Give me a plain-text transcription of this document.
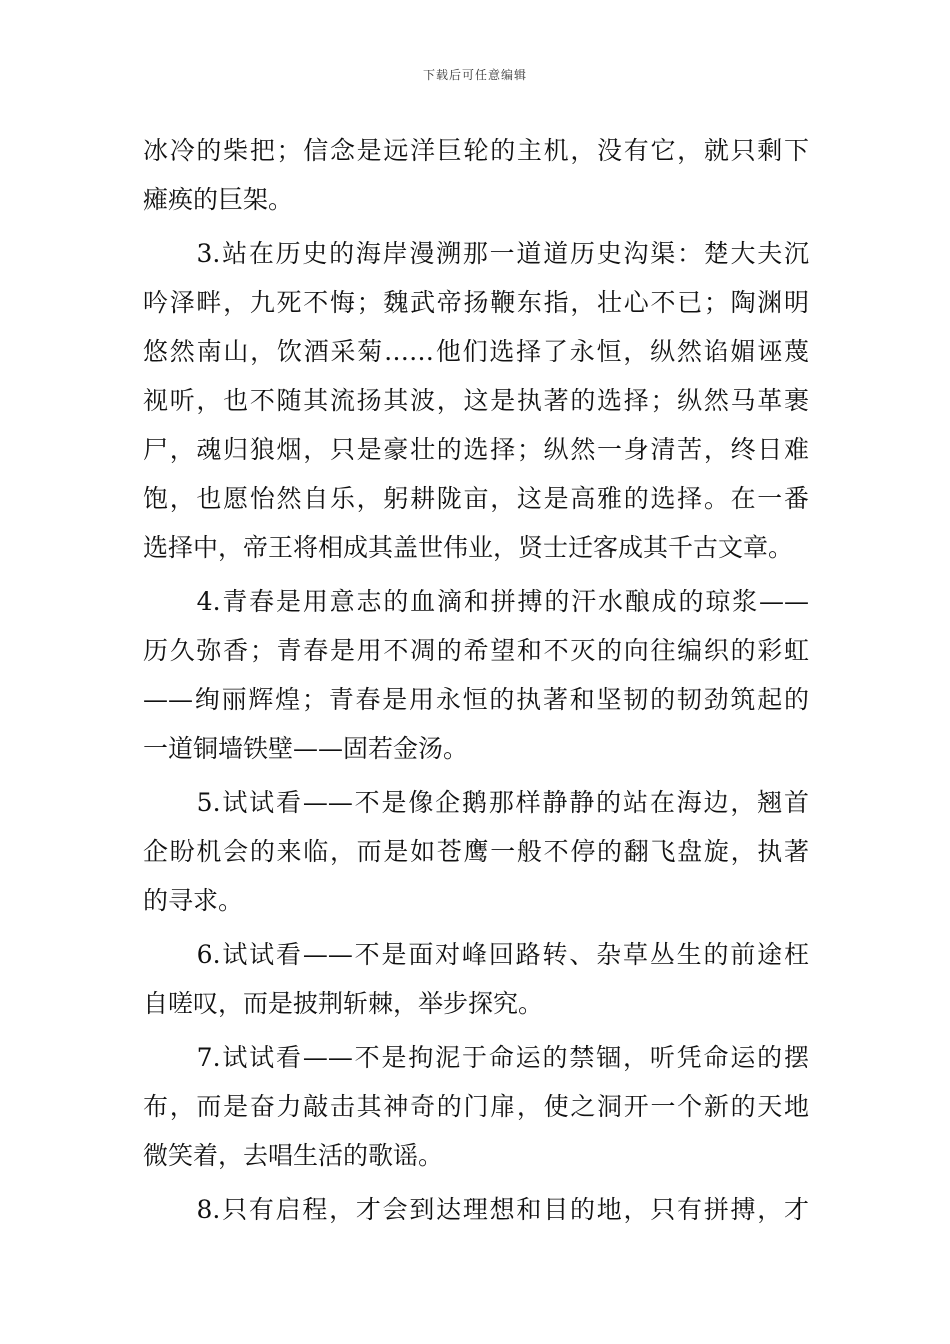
下载后可任意编辑
冰冷的柴把；信念是远洋巨轮的主机，没有它，就只剩下
瘫痪的巨架。
　　3.站在历史的海岸漫溯那一道道历史沟渠：楚大夫沉
吟泽畔，九死不悔；魏武帝扬鞭东指，壮心不已；陶渊明
悠然南山，饮酒采菊……他们选择了永恒，纵然谄媚诬蔑
视听，也不随其流扬其波，这是执著的选择；纵然马革裹
尸，魂归狼烟，只是豪壮的选择；纵然一身清苦，终日难
饱，也愿怡然自乐，躬耕陇亩，这是高雅的选择。在一番
选择中，帝王将相成其盖世伟业，贤士迁客成其千古文章。
　　4.青春是用意志的血滴和拼搏的汗水酿成的琼浆——
历久弥香；青春是用不凋的希望和不灭的向往编织的彩虹
——绚丽辉煌；青春是用永恒的执著和坚韧的韧劲筑起的
一道铜墙铁壁——固若金汤。
　　5.试试看——不是像企鹅那样静静的站在海边，翘首
企盼机会的来临，而是如苍鹰一般不停的翻飞盘旋，执著
的寻求。
　　6.试试看——不是面对峰回路转、杂草丛生的前途枉
自嗟叹，而是披荆斩棘，举步探究。
　　7.试试看——不是拘泥于命运的禁锢，听凭命运的摆
布，而是奋力敲击其神奇的门扉，使之洞开一个新的天地
微笑着，去唱生活的歌谣。
　　8.只有启程，才会到达理想和目的地，只有拼搏，才
